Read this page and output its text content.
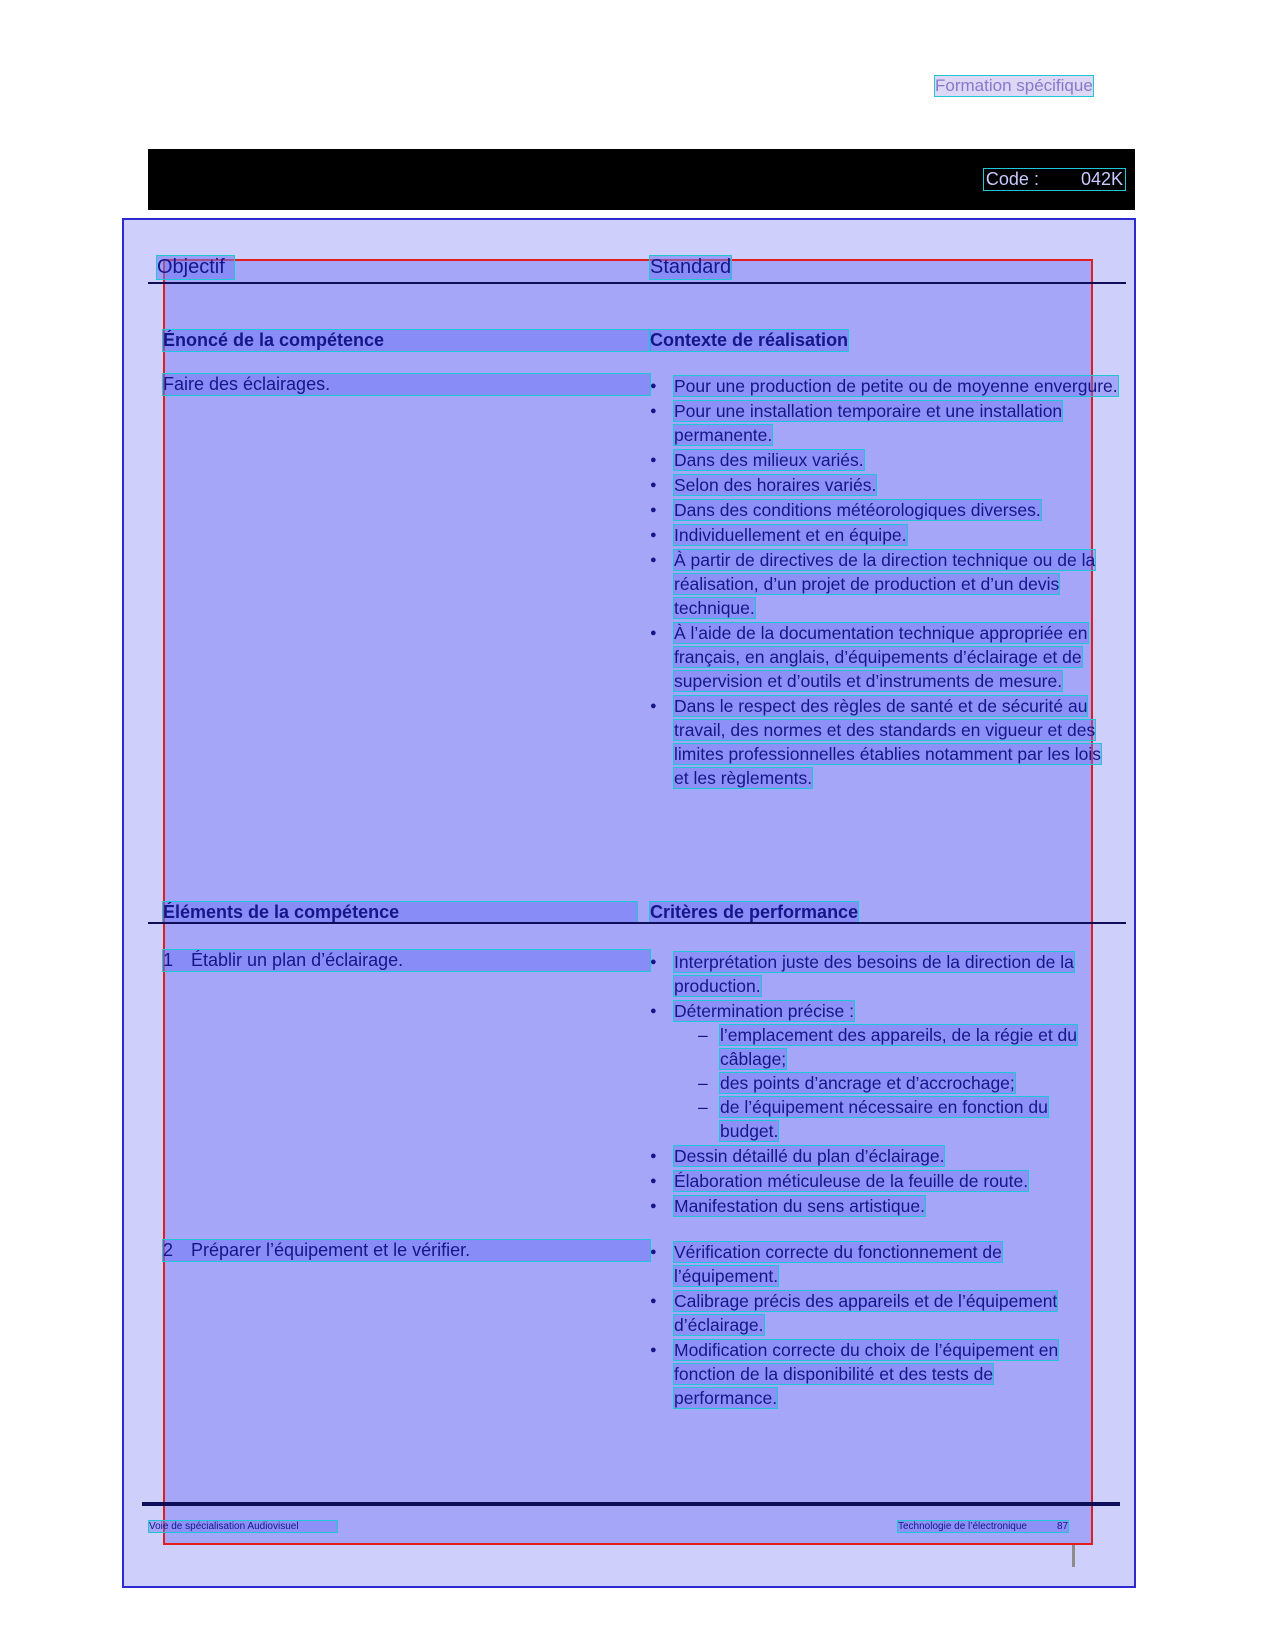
Formation spécifique
Code : 042K
Objectif	Standard
Énoncé de la compétence	Contexte de réalisation
Faire des éclairages.	● Pour une production de petite ou de moyenne envergure.
● Pour une installation temporaire et une installation permanente.
● Dans des milieux variés.
● Selon des horaires variés.
● Dans des conditions météorologiques diverses.
● Individuellement et en équipe.
● À partir de directives de la direction technique ou de la réalisation, d’un projet de production et d’un devis technique.
● À l’aide de la documentation technique appropriée en français, en anglais, d’équipements d’éclairage et de supervision et d’outils et d’instruments de mesure.
● Dans le respect des règles de santé et de sécurité au travail, des normes et des standards en vigueur et des limites professionnelles établies notamment par les lois et les règlements.
Éléments de la compétence	Critères de performance
1 Établir un plan d’éclairage.	● Interprétation juste des besoins de la direction de la production.
● Détermination précise :
– l’emplacement des appareils, de la régie et du câblage;
– des points d’ancrage et d’accrochage;
– de l’équipement nécessaire en fonction du budget.
● Dessin détaillé du plan d’éclairage.
● Élaboration méticuleuse de la feuille de route.
● Manifestation du sens artistique.
2 Préparer l’équipement et le vérifier.	● Vérification correcte du fonctionnement de l’équipement.
● Calibrage précis des appareils et de l’équipement d’éclairage.
● Modification correcte du choix de l’équipement en fonction de la disponibilité et des tests de performance.
Voie de spécialisation Audiovisuel	Technologie de l’électronique	87
